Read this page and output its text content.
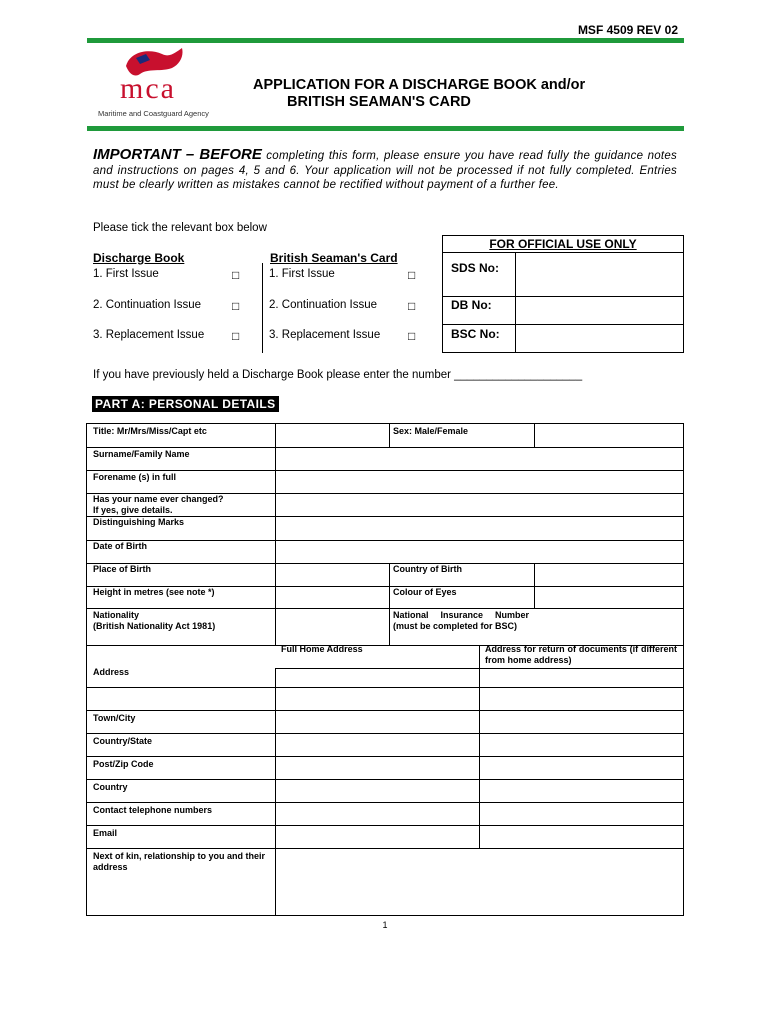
MSF 4509 REV 02
mca
Maritime and Coastguard Agency
APPLICATION FOR A DISCHARGE BOOK and/or
BRITISH SEAMAN'S CARD
IMPORTANT – BEFORE completing this form, please ensure you have read fully the guidance notes and instructions on pages 4, 5 and 6. Your application will not be processed if not fully completed. Entries must be clearly written as mistakes cannot be rectified without payment of a further fee.
Please tick the relevant box below
Discharge Book
1. First Issue	□
2. Continuation Issue	□
3. Replacement Issue □
British Seaman's Card
1. First Issue	□
2. Continuation Issue	□
3. Replacement Issue □
FOR OFFICIAL USE ONLY
SDS No:
DB No:
BSC No:
If you have previously held a Discharge Book please enter the number ____________________
PART A: PERSONAL DETAILS
Title: Mr/Mrs/Miss/Capt etc	Sex: Male/Female
Surname/Family Name
Forename (s) in full
Has your name ever changed?
If yes, give details.
Distinguishing Marks
Date of Birth
Place of Birth	Country of Birth
Height in metres (see note *)	Colour of Eyes
Nationality
(British Nationality Act 1981)
National Insurance Number (must be completed for BSC)
Full Home Address	Address for return of documents (if different from home address)
Address
Town/City
Country/State
Post/Zip Code
Country
Contact telephone numbers
Email
Next of kin, relationship to you and their address
1
